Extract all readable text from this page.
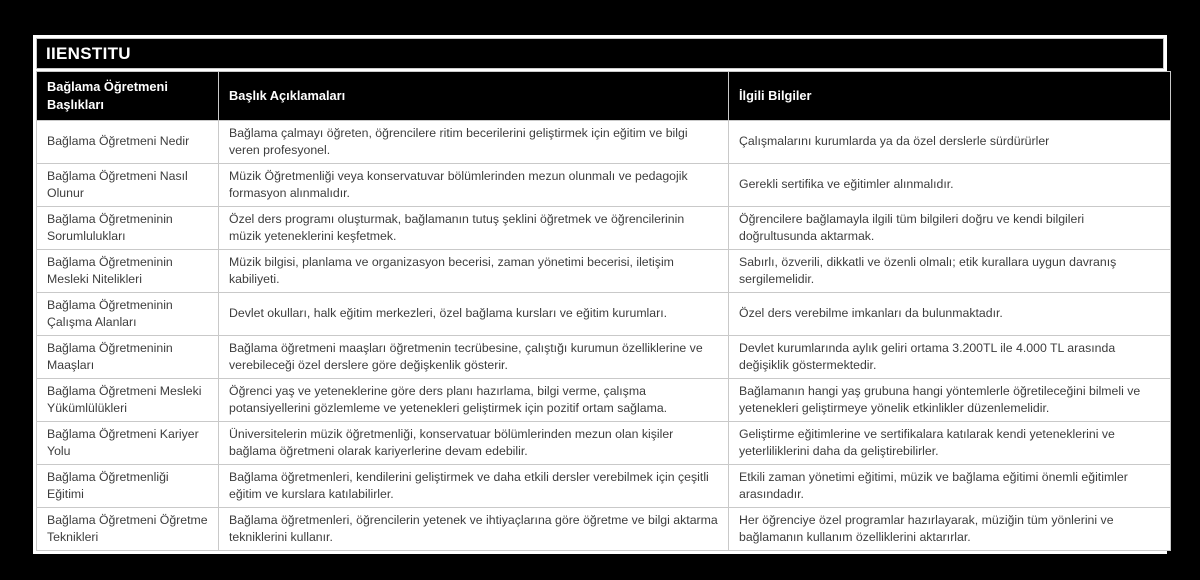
IIENSTITU
Bağlama Öğretmeni Başlıkları	Başlık Açıklamaları	İlgili Bilgiler
Bağlama Öğretmeni Nedir	Bağlama çalmayı öğreten, öğrencilere ritim becerilerini geliştirmek için eğitim ve bilgi veren profesyonel.	Çalışmalarını kurumlarda ya da özel derslerle sürdürürler
Bağlama Öğretmeni Nasıl Olunur	Müzik Öğretmenliği veya konservatuvar bölümlerinden mezun olunmalı ve pedagojik formasyon alınmalıdır.	Gerekli sertifika ve eğitimler alınmalıdır.
Bağlama Öğretmeninin Sorumlulukları	Özel ders programı oluşturmak, bağlamanın tutuş şeklini öğretmek ve öğrencilerinin müzik yeteneklerini keşfetmek.	Öğrencilere bağlamayla ilgili tüm bilgileri doğru ve kendi bilgileri doğrultusunda aktarmak.
Bağlama Öğretmeninin Mesleki Nitelikleri	Müzik bilgisi, planlama ve organizasyon becerisi, zaman yönetimi becerisi, iletişim kabiliyeti.	Sabırlı, özverili, dikkatli ve özenli olmalı; etik kurallara uygun davranış sergilemelidir.
Bağlama Öğretmeninin Çalışma Alanları	Devlet okulları, halk eğitim merkezleri, özel bağlama kursları ve eğitim kurumları.	Özel ders verebilme imkanları da bulunmaktadır.
Bağlama Öğretmeninin Maaşları	Bağlama öğretmeni maaşları öğretmenin tecrübesine, çalıştığı kurumun özelliklerine ve verebileceği özel derslere göre değişkenlik gösterir.	Devlet kurumlarında aylık geliri ortama 3.200TL ile 4.000 TL arasında değişiklik göstermektedir.
Bağlama Öğretmeni Mesleki Yükümlülükleri	Öğrenci yaş ve yeteneklerine göre ders planı hazırlama, bilgi verme, çalışma potansiyellerini gözlemleme ve yetenekleri geliştirmek için pozitif ortam sağlama.	Bağlamanın hangi yaş grubuna hangi yöntemlerle öğretileceğini bilmeli ve yetenekleri geliştirmeye yönelik etkinlikler düzenlemelidir.
Bağlama Öğretmeni Kariyer Yolu	Üniversitelerin müzik öğretmenliği, konservatuar bölümlerinden mezun olan kişiler bağlama öğretmeni olarak kariyerlerine devam edebilir.	Geliştirme eğitimlerine ve sertifikalara katılarak kendi yeteneklerini ve yeterliliklerini daha da geliştirebilirler.
Bağlama Öğretmenliği Eğitimi	Bağlama öğretmenleri, kendilerini geliştirmek ve daha etkili dersler verebilmek için çeşitli eğitim ve kurslara katılabilirler.	Etkili zaman yönetimi eğitimi, müzik ve bağlama eğitimi önemli eğitimler arasındadır.
Bağlama Öğretmeni Öğretme Teknikleri	Bağlama öğretmenleri, öğrencilerin yetenek ve ihtiyaçlarına göre öğretme ve bilgi aktarma tekniklerini kullanır.	Her öğrenciye özel programlar hazırlayarak, müziğin tüm yönlerini ve bağlamanın kullanım özelliklerini aktarırlar.
